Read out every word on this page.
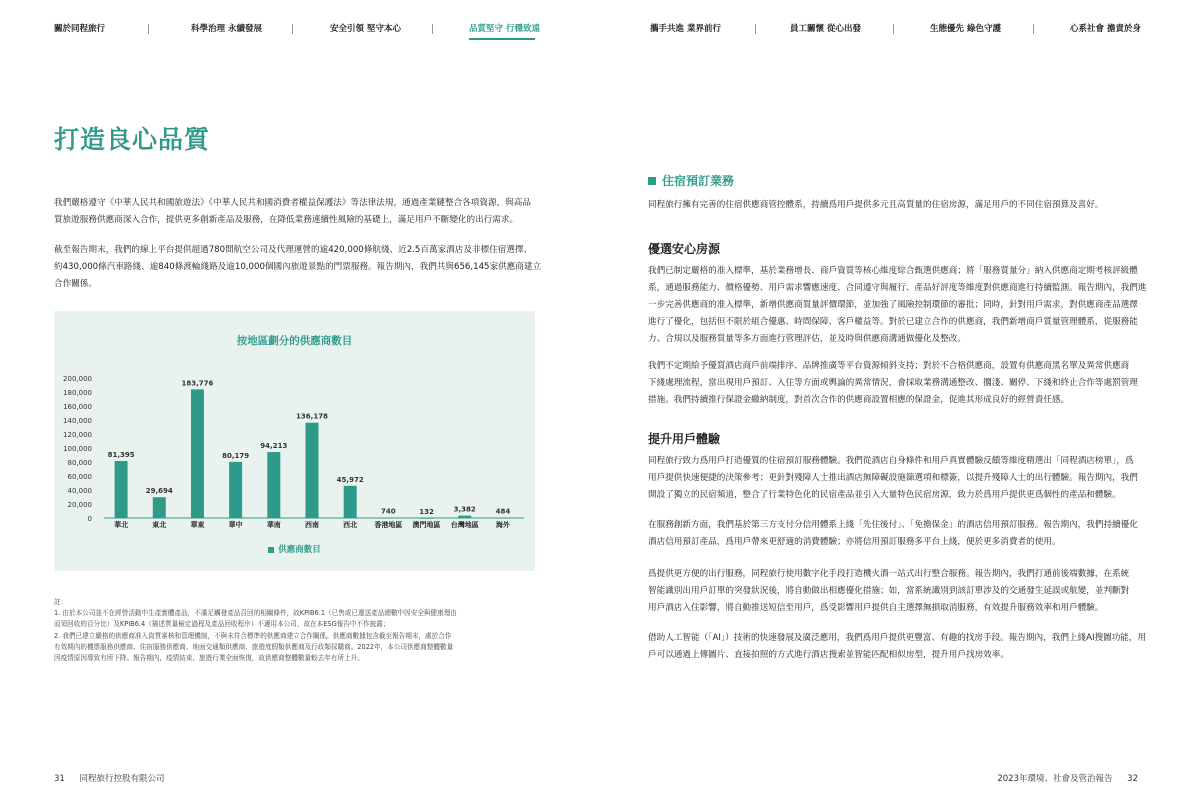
關於同程旅行	科學治理 永續發展	安全引領 堅守本心	品質堅守 行穩致遠	攜手共進 業界前行	員工關懷 從心出發	生態優先 綠色守護	心系社會 擔責於身
打造良心品質
我們嚴格遵守《中華人民共和國旅遊法》《中華人民共和國消費者權益保護法》等法律法規，通過產業鏈整合各項資源，與高品
質旅遊服務供應商深入合作，提供更多創新產品及服務，在降低業務連續性風險的基礎上，滿足用戶不斷變化的出行需求。
截至報告期末，我們的線上平台提供超過780間航空公司及代理運營的逾420,000條航綫、近2.5百萬家酒店及非標住宿選擇、
約430,000條汽車路綫、逾840條渡輪綫路及逾10,000個國內旅遊景點的門票服務。報告期內，我們共與656,145家供應商建立
合作關係。
按地區劃分的供應商數目
200,000
180,000
160,000
140,000
120,000
100,000
80,000
60,000
40,000
20,000
0
81,395
華北
29,694
東北
183,776
華東
80,179
華中
94,213
華南
136,178
西南
45,972
西北
740
香港地區
132
澳門地區
3,382
台灣地區
484
海外
供應商數目
註：
1. 由於本公司並不在經營活動中生產實體產品，不滿足觸發產品召回的相關條件，故KPIB6.1（已售或已運送產品總數中因安全與健康理由
而須回收的百分比）及KPIB6.4（描述質量檢定過程及產品回收程序）不適用本公司，故在本ESG報告中不作披露；
2. 我們已建立嚴格的供應商准入資質審核和管理機制，不與未符合標準的供應商建立合作關係。供應商數據包含截至報告期末，處於合作
有效期內的機票服務供應商、住宿服務供應商、地面交通類供應商、旅遊度假類供應商及行政類採購商。2022年，本公司供應商整體數量
因疫情原因導致有所下降。報告期內，疫情結束、旅遊行業全面恢復，故供應商整體數量較去年有所上升。
住宿預訂業務
同程旅行擁有完善的住宿供應商管控體系，持續爲用戶提供多元且高質量的住宿房源，滿足用戶的不同住宿預算及喜好。
優選安心房源
我們已制定嚴格的准入標準，基於業務增長、商戶資質等核心維度綜合甄選供應商；將「服務質量分」納入供應商定期考核評級體
系，通過服務能力、價格優勢、用戶需求響應速度、合同遵守與履行、產品好評度等維度對供應商進行持續監測。報告期內，我們進
一步完善供應商的准入標準，新增供應商質量評價環節，並加強了風險控制環節的審批；同時，針對用戶需求，對供應商產品選擇
進行了優化，包括但不限於組合優惠、時間保障、客戶權益等。對於已建立合作的供應商，我們新增商戶質量管理體系，從服務能
力、合規以及服務質量等多方面進行管理評估，並及時與供應商溝通做優化及整改。
我們不定期給予優質酒店商戶前端排序、品牌推廣等平台資源傾斜支持；對於不合格供應商，設置有供應商黑名單及異常供應商
下綫處理流程，當出現用戶預訂、入住等方面或輿論的異常情況，會採取業務溝通整改、擱淺、關停、下綫和終止合作等處罰管理
措施。我們持續推行保證金繳納制度，對首次合作的供應商設置相應的保證金，促進其形成良好的經營責任感。
提升用戶體驗
同程旅行致力爲用戶打造優質的住宿預訂服務體驗。我們從酒店自身條件和用戶真實體驗反饋等維度精選出「同程酒店榜單」，爲
用戶提供快速便捷的決策參考；更針對殘障人士推出酒店無障礙設施篩選項和標簽，以提升殘障人士的出行體驗。報告期內，我們
開設了獨立的民宿頻道，整合了行業特色化的民宿產品並引入大量特色民宿房源，致力於爲用戶提供更爲個性的產品和體驗。
在服務創新方面，我們基於第三方支付分信用體系上綫「先住後付」、「免擔保金」的酒店信用預訂服務。報告期內，我們持續優化
酒店信用預訂產品，爲用戶帶來更舒適的消費體驗；亦將信用預訂服務多平台上綫，便於更多消費者的使用。
爲提供更方便的出行服務，同程旅行使用數字化手段打造機火酒一站式出行整合服務。報告期內，我們打通前後端數據，在系統
智能識別出用戶訂單的突發狀況後，將自動做出相應優化措施；如，當系統識別到該訂單涉及的交通發生延誤或航變，並判斷對
用戶酒店入住影響，將自動推送短信至用戶，爲受影響用戶提供自主選擇無損取消服務，有效提升服務效率和用戶體驗。
借助人工智能（「AI」）技術的快速發展及廣泛應用，我們爲用戶提供更豐富、有趣的找房手段。報告期內，我們上綫AI搜圖功能，用
戶可以通過上傳圖片、直接拍照的方式進行酒店搜索並智能匹配相似房型，提升用戶找房效率。
31 同程旅行控股有限公司	2023年環境、社會及管治報告 32
